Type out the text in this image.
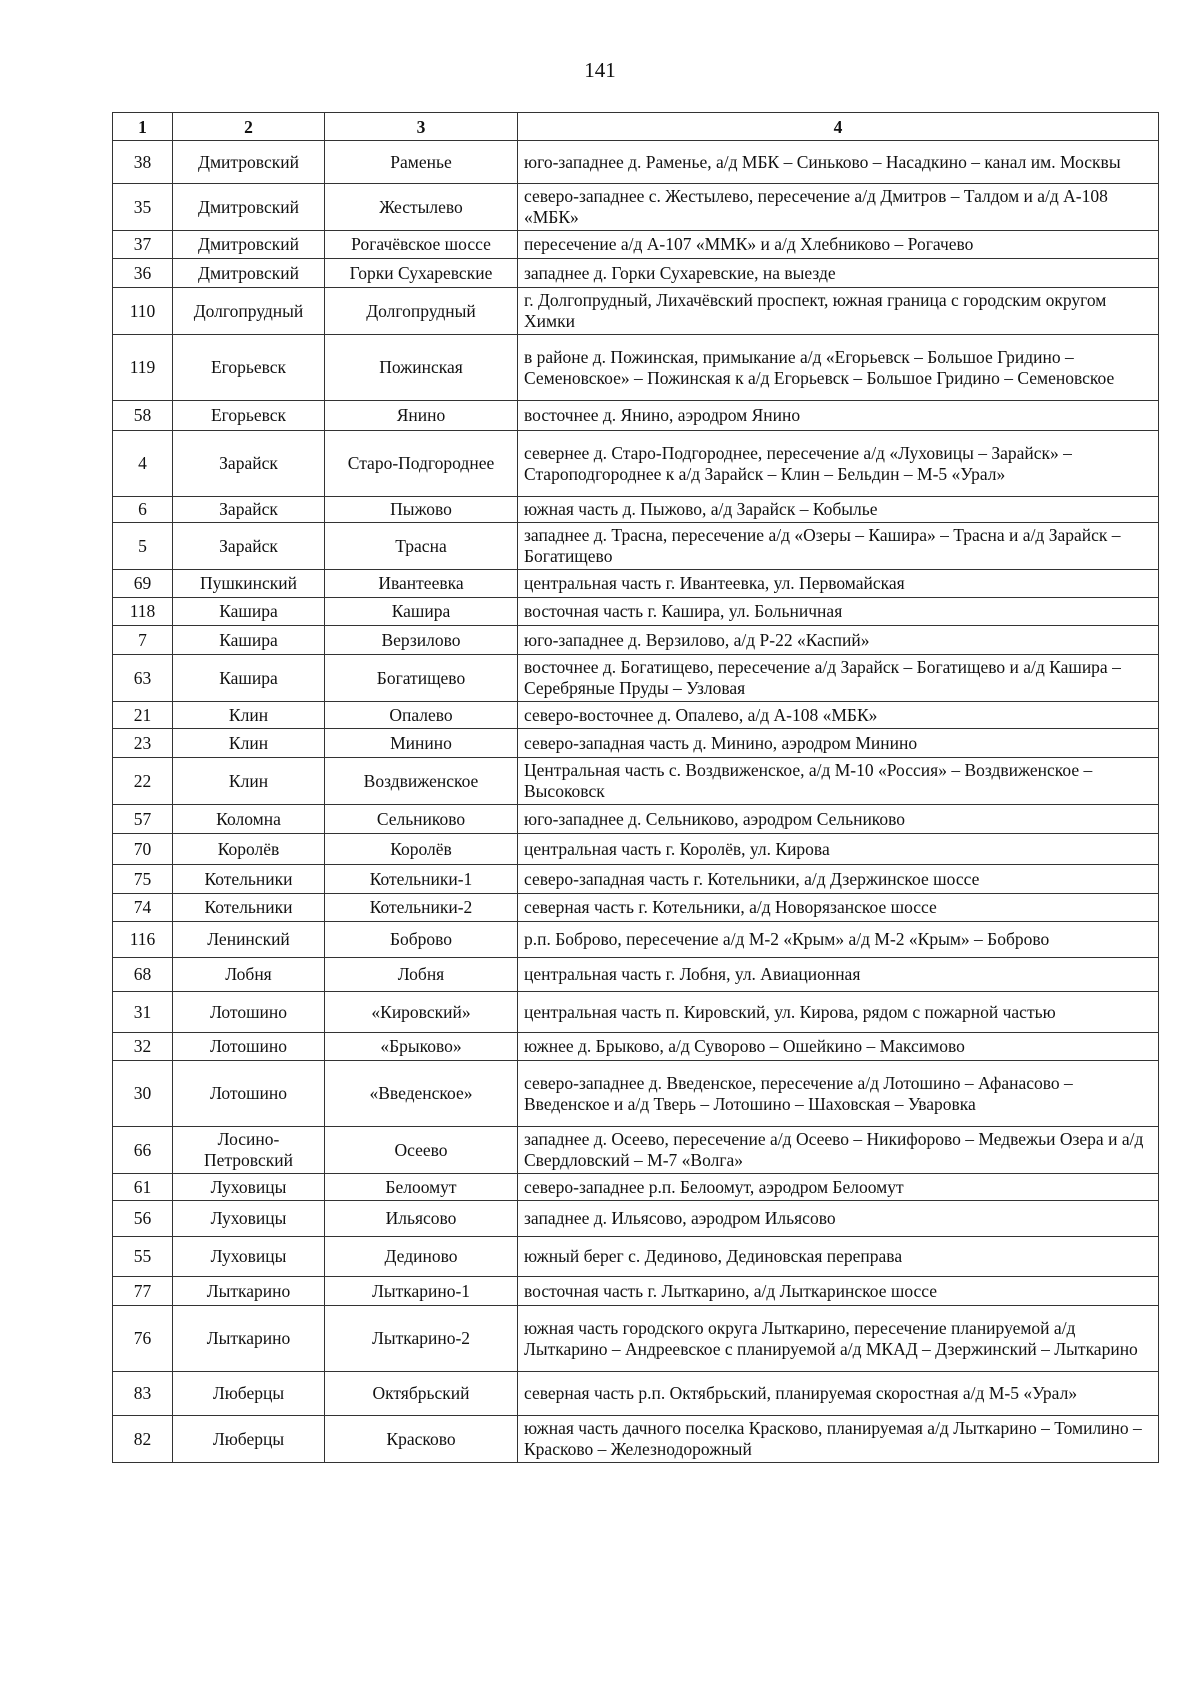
141
1	2	3	4
38	Дмитровский	Раменье	юго-западнее д. Раменье, а/д МБК – Синьково – Насадкино – канал им. Москвы
35	Дмитровский	Жестылево	северо-западнее с. Жестылево, пересечение а/д Дмитров – Талдом и а/д А-108 «МБК»
37	Дмитровский	Рогачёвское шоссе	пересечение а/д А-107 «ММК» и а/д Хлебниково – Рогачево
36	Дмитровский	Горки Сухаревские	западнее д. Горки Сухаревские, на выезде
110	Долгопрудный	Долгопрудный	г. Долгопрудный, Лихачёвский проспект, южная граница с городским округом Химки
119	Егорьевск	Пожинская	в районе д. Пожинская, примыкание а/д «Егорьевск – Большое Гридино – Семеновское» – Пожинская к а/д Егорьевск – Большое Гридино – Семеновское
58	Егорьевск	Янино	восточнее д. Янино, аэродром Янино
4	Зарайск	Старо-Подгороднее	севернее д. Старо-Подгороднее, пересечение а/д «Луховицы – Зарайск» – Староподгороднее к а/д Зарайск – Клин – Бельдин – М-5 «Урал»
6	Зарайск	Пыжово	южная часть д. Пыжово, а/д Зарайск – Кобылье
5	Зарайск	Трасна	западнее д. Трасна, пересечение а/д «Озеры – Кашира» – Трасна и а/д Зарайск – Богатищево
69	Пушкинский	Ивантеевка	центральная часть г. Ивантеевка, ул. Первомайская
118	Кашира	Кашира	восточная часть г. Кашира, ул. Больничная
7	Кашира	Верзилово	юго-западнее д. Верзилово, а/д Р-22 «Каспий»
63	Кашира	Богатищево	восточнее д. Богатищево, пересечение а/д Зарайск – Богатищево и а/д Кашира – Серебряные Пруды – Узловая
21	Клин	Опалево	северо-восточнее д. Опалево, а/д А-108 «МБК»
23	Клин	Минино	северо-западная часть д. Минино, аэродром Минино
22	Клин	Воздвиженское	Центральная часть с. Воздвиженское, а/д М-10 «Россия» – Воздвиженское – Высоковск
57	Коломна	Сельниково	юго-западнее д. Сельниково, аэродром Сельниково
70	Королёв	Королёв	центральная часть г. Королёв, ул. Кирова
75	Котельники	Котельники-1	северо-западная часть г. Котельники, а/д Дзержинское шоссе
74	Котельники	Котельники-2	северная часть г. Котельники, а/д Новорязанское шоссе
116	Ленинский	Боброво	р.п. Боброво, пересечение а/д М-2 «Крым» а/д М-2 «Крым» – Боброво
68	Лобня	Лобня	центральная часть г. Лобня, ул. Авиационная
31	Лотошино	«Кировский»	центральная часть п. Кировский, ул. Кирова, рядом с пожарной частью
32	Лотошино	«Брыково»	южнее д. Брыково, а/д Суворово – Ошейкино – Максимово
30	Лотошино	«Введенское»	северо-западнее д. Введенское, пересечение а/д Лотошино – Афанасово – Введенское и а/д Тверь – Лотошино – Шаховская – Уваровка
66	Лосино-Петровский	Осеево	западнее д. Осеево, пересечение а/д Осеево – Никифорово – Медвежьи Озера и а/д Свердловский – М-7 «Волга»
61	Луховицы	Белоомут	северо-западнее р.п. Белоомут, аэродром Белоомут
56	Луховицы	Ильясово	западнее д. Ильясово, аэродром Ильясово
55	Луховицы	Дединово	южный берег с. Дединово, Дединовская переправа
77	Лыткарино	Лыткарино-1	восточная часть г. Лыткарино, а/д Лыткаринское шоссе
76	Лыткарино	Лыткарино-2	южная часть городского округа Лыткарино, пересечение планируемой а/д Лыткарино – Андреевское с планируемой а/д МКАД – Дзержинский – Лыткарино
83	Люберцы	Октябрьский	северная часть р.п. Октябрьский, планируемая скоростная а/д М-5 «Урал»
82	Люберцы	Красково	южная часть дачного поселка Красково, планируемая а/д Лыткарино – Томилино – Красково – Железнодорожный
